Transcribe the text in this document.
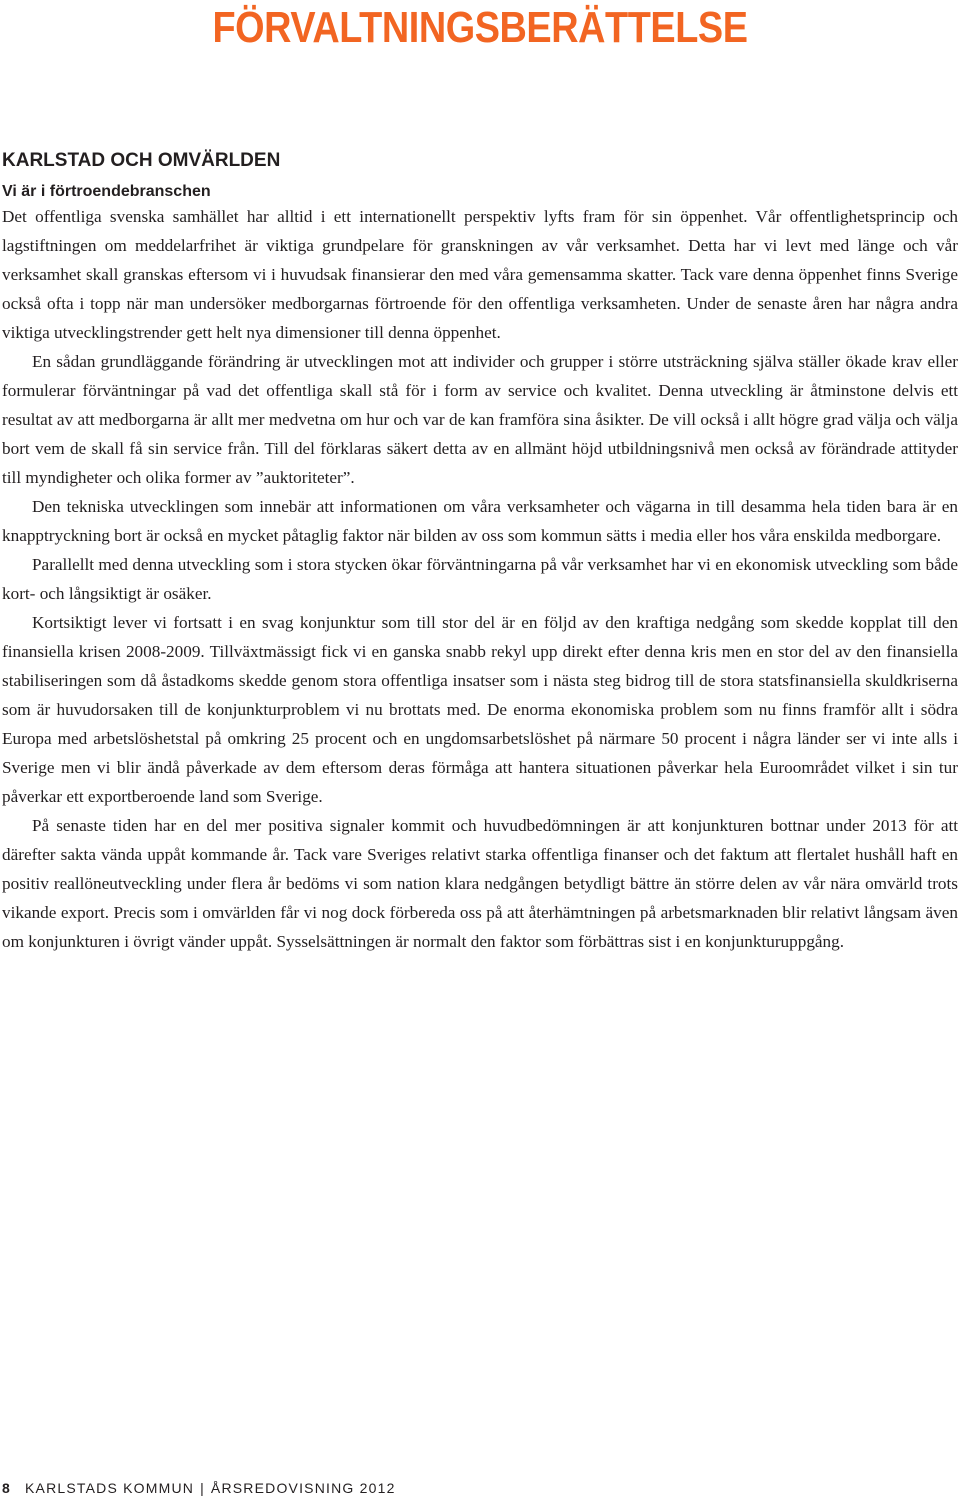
FÖRVALTNINGSBERÄTTELSE
KARLSTAD OCH OMVÄRLDEN
Vi är i förtroendebranschen

Det offentliga svenska samhället har alltid i ett internationellt perspektiv lyfts fram för sin öppenhet. Vår offentlighetsprincip och lagstiftningen om meddelarfrihet är viktiga grundpelare för granskningen av vår verksamhet. Detta har vi levt med länge och vår verksamhet skall granskas eftersom vi i huvudsak finansierar den med våra gemensamma skatter. Tack vare denna öppenhet finns Sverige också ofta i topp när man undersöker medborgarnas förtroende för den offentliga verksamheten. Under de senaste åren har några andra viktiga utvecklingstrender gett helt nya dimensioner till denna öppenhet.

En sådan grundläggande förändring är utvecklingen mot att individer och grupper i större utsträckning själva ställer ökade krav eller formulerar förväntningar på vad det offentliga skall stå för i form av service och kvalitet. Denna utveckling är åtminstone delvis ett resultat av att medborgarna är allt mer medvetna om hur och var de kan framföra sina åsikter. De vill också i allt högre grad välja och välja bort vem de skall få sin service från. Till del förklaras säkert detta av en allmänt höjd utbildningsnivå men också av förändrade attityder till myndigheter och olika former av ”auktoriteter”.

Den tekniska utvecklingen som innebär att informationen om våra verksamheter och vägarna in till desamma hela tiden bara är en knapptryckning bort är också en mycket påtaglig faktor när bilden av oss som kommun sätts i media eller hos våra enskilda medborgare.

Parallellt med denna utveckling som i stora stycken ökar förväntningarna på vår verksamhet har vi en ekonomisk utveckling som både kort- och långsiktigt är osäker.

Kortsiktigt lever vi fortsatt i en svag konjunktur som till stor del är en följd av den kraftiga nedgång som skedde kopplat till den finansiella krisen 2008-2009. Tillväxtmässigt fick vi en ganska snabb rekyl upp direkt efter denna kris men en stor del av den finansiella stabiliseringen som då åstadkoms skedde genom stora offentliga insatser som i nästa steg bidrog till de stora statsfinansiella skuldkriserna som är huvudorsaken till de konjunkturproblem vi nu brottats med. De enorma ekonomiska problem som nu finns framför allt i södra Europa med arbetslöshetstal på omkring 25 procent och en ungdomsarbetslöshet på närmare 50 procent i några länder ser vi inte alls i Sverige men vi blir ändå påverkade av dem eftersom deras förmåga att hantera situationen påverkar hela Euroområdet vilket i sin tur påverkar ett exportberoende land som Sverige.

På senaste tiden har en del mer positiva signaler kommit och huvudbedömningen är att konjunkturen bottnar under 2013 för att därefter sakta vända uppåt kommande år. Tack vare Sveriges relativt starka offentliga finanser och det faktum att flertalet hushåll haft en positiv reallöneutveckling under flera år bedöms vi som nation klara nedgången betydligt bättre än större delen av vår nära omvärld trots vikande export. Precis som i omvärlden får vi nog dock förbereda oss på att återhämtningen på arbetsmarknaden blir relativt långsam även om konjunkturen i övrigt vänder uppåt. Sysselsättningen är normalt den faktor som förbättras sist i en konjunkturuppgång.

8 KARLSTADS KOMMUN | ÅRSREDOVISNING 2012
